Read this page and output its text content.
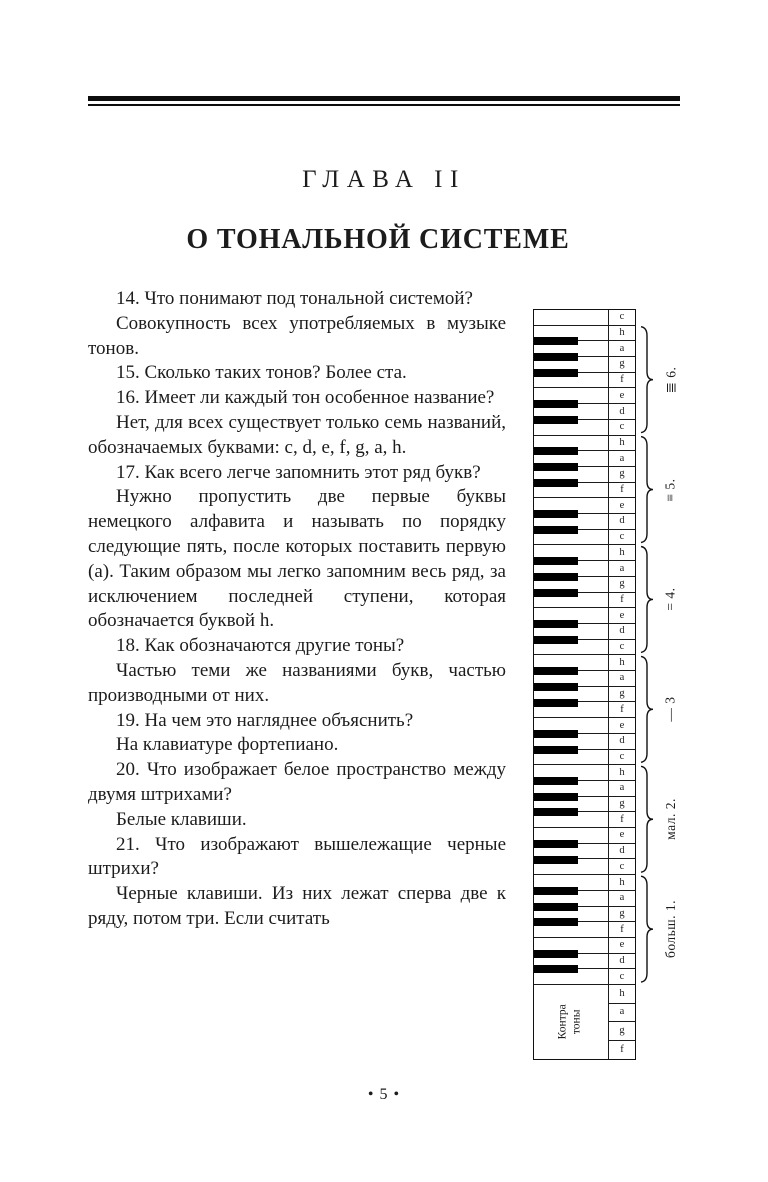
ГЛАВА II
О ТОНАЛЬНОЙ СИСТЕМЕ

14. Что понимают под тональной системой?

Совокупность всех употребляемых в музыке тонов.

15. Сколько таких тонов? Более ста.

16. Имеет ли каждый тон особенное название?

Нет, для всех существует только семь названий, обозначаемых буквами: c, d, e, f, g, a, h.

17. Как всего легче запомнить этот ряд букв?

Нужно пропустить две первые буквы немецкого алфавита и называть по порядку следующие пять, после которых поставить первую (a). Таким образом мы легко запомним весь ряд, за исключением последней ступени, которая обозначается буквой h.

18. Как обозначаются другие тоны?

Частью теми же названиями букв, частью производными от них.

19. На чем это нагляднее объяснить?

На клавиатуре фортепиано.

20. Что изображает белое пространство между двумя штрихами?

Белые клавиши.

21. Что изображают вышележащие черные штрихи?

Черные клавиши. Из них лежат сперва две к ряду, потом три. Если считать

c
h
a
g
f
e
d
c
h
a
g
f
e
d
c
h
a
g
f
e
d
c
h
a
g
f
e
d
c
h
a
g
f
e
d
c
h
a
g
f
e
d
c
Контра тоны
h
a
g
f
• 5 •
≣ 6.
≡ 5.
= 4.
— 3
мал. 2.
больш. 1.
